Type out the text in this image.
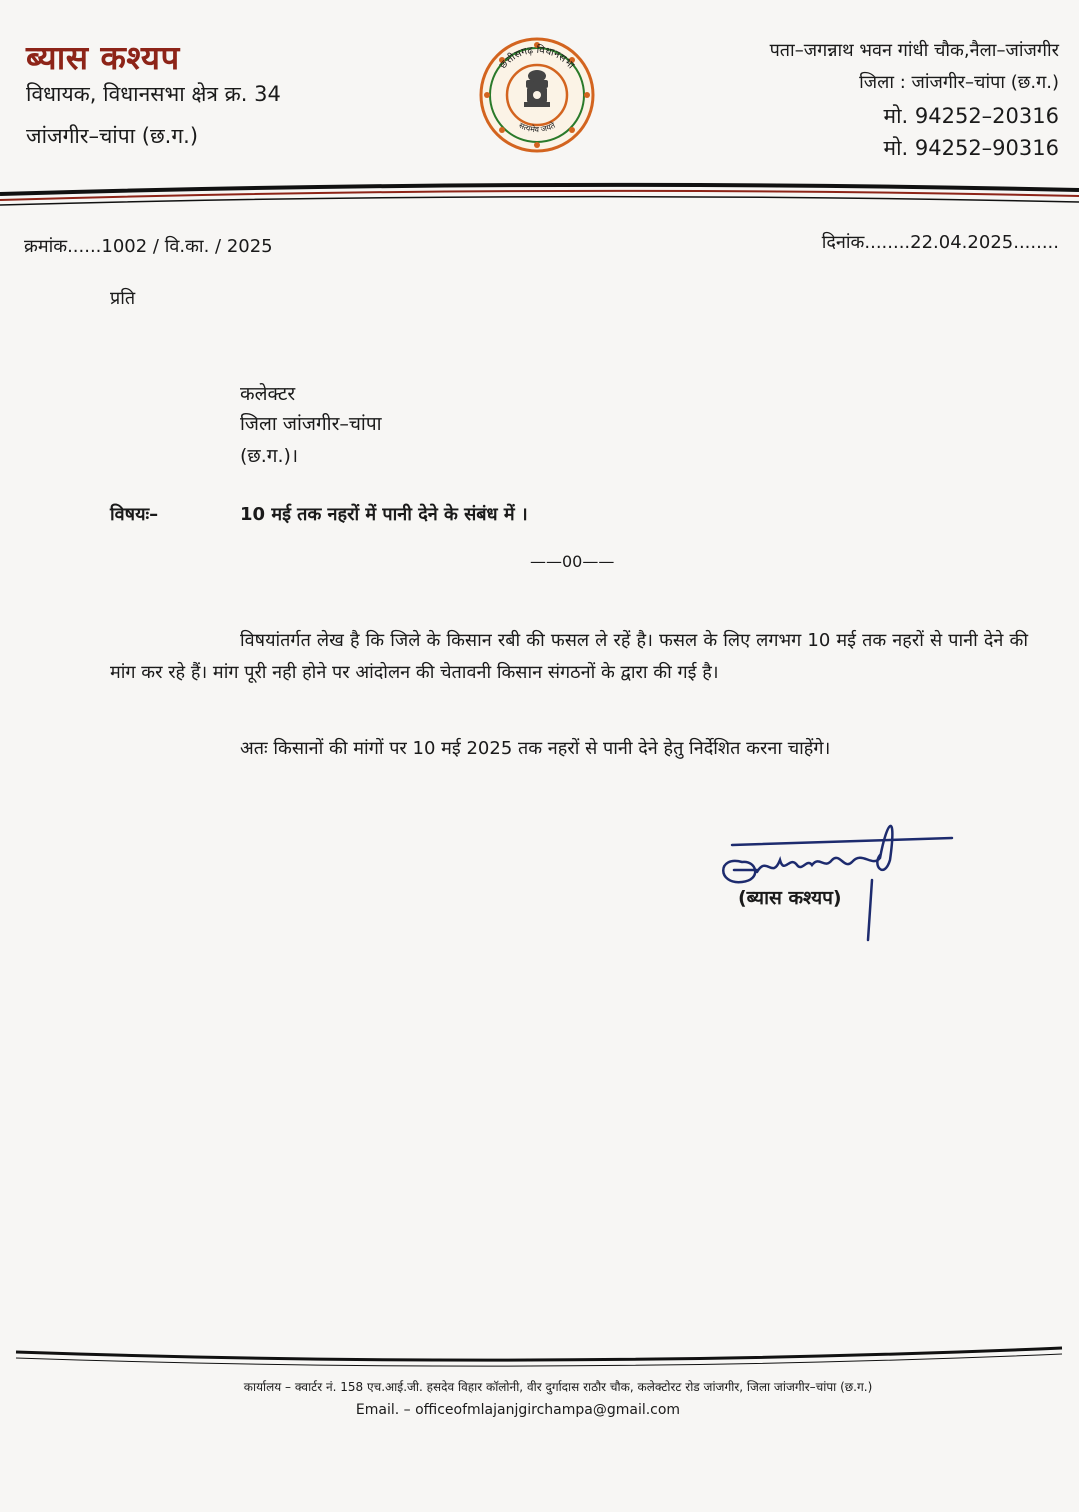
ब्यास कश्यप
विधायक, विधानसभा क्षेत्र क्र. 34
जांजगीर–चांपा (छ.ग.)
छत्तीसगढ़ विधानसभा
सत्यमेव जयते
पता–जगन्नाथ भवन गांधी चौक,नैला–जांजगीर
जिला : जांजगीर–चांपा (छ.ग.)
मो. 94252–20316
मो. 94252–90316
क्रमांक......1002 / वि.का. / 2025	दिनांक........22.04.2025........
प्रति
कलेक्टर
जिला जांजगीर–चांपा
(छ.ग.)।
विषयः–	10 मई तक नहरों में पानी देने के संबंध में ।
——00——
विषयांतर्गत लेख है कि जिले के किसान रबी की फसल ले रहें है। फसल के लिए लगभग 10 मई तक नहरों से पानी देने की मांग कर रहे हैं। मांग पूरी नही होने पर आंदोलन की चेतावनी किसान संगठनों के द्वारा की गई है।
अतः किसानों की मांगों पर 10 मई 2025 तक नहरों से पानी देने हेतु निर्देशित करना चाहेंगे।
(ब्यास कश्यप)
कार्यालय – क्वार्टर नं. 158 एच.आई.जी. हसदेव विहार कॉलोनी, वीर दुर्गादास राठौर चौक, कलेक्टोरट रोड जांजगीर, जिला जांजगीर–चांपा (छ.ग.)
Email. – officeofmlajanjgirchampa@gmail.com
